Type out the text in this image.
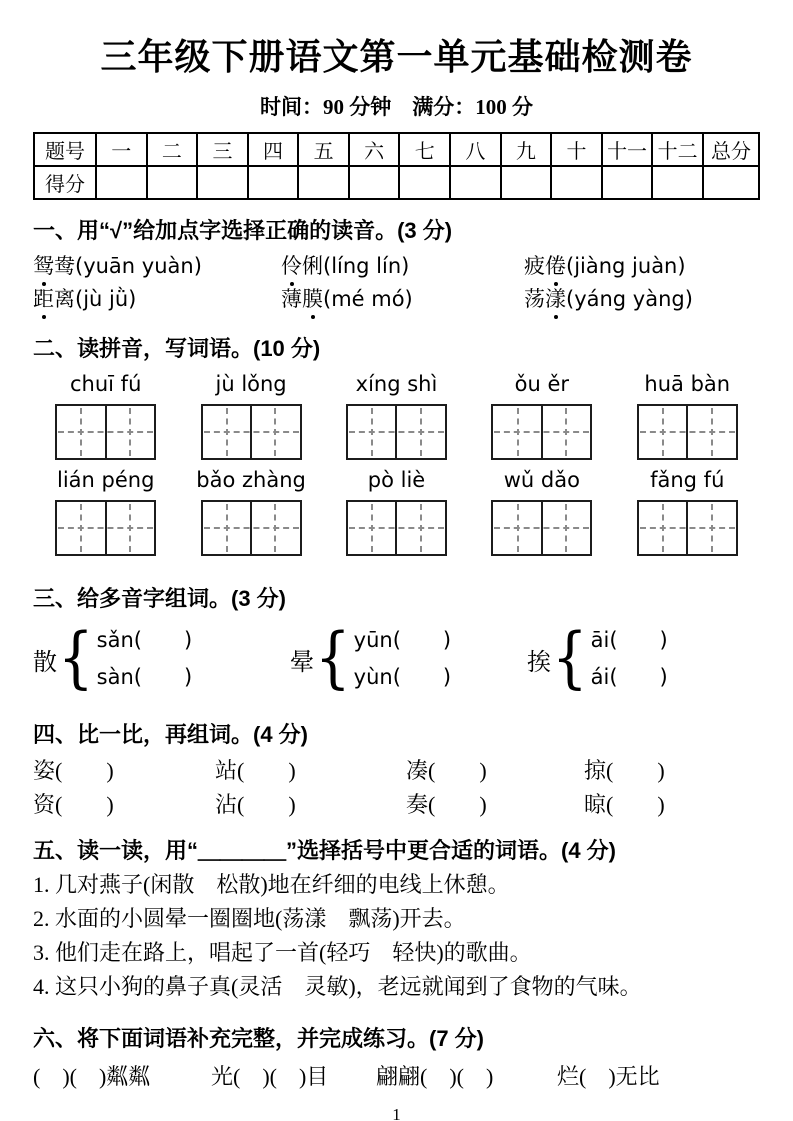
三年级下册语文第一单元基础检测卷
时间：90 分钟　满分：100 分
题号	一	二	三	四	五	六	七	八	九	十	十一	十二	总分
得分													
一、用“√”给加点字选择正确的读音。(3 分)
鸳鸯(yuān yuàn)	伶俐(líng lín)	疲倦(jiàng juàn)
距离(jù jǜ)	薄膜(mé mó)	荡漾(yáng yàng)
二、读拼音，写词语。(10 分)
chuī fú	jù lǒng	xíng shì	ǒu ěr	huā bàn
lián péng	bǎo zhàng	pò liè	wǔ dǎo	fǎng fú
三、给多音字组词。(3 分)
散 { sǎn(　　)
sàn(　　)
晕 { yūn(　　)
yùn(　　)
挨 { āi(　　)
ái(　　)
四、比一比，再组词。(4 分)
姿(　　)	站(　　)	凑(　　)	掠(　　)
资(　　)	沾(　　)	奏(　　)	晾(　　)
五、读一读，用“＿＿＿＿”选择括号中更合适的词语。(4 分)
1. 几对燕子(闲散　松散)地在纤细的电线上休憩。
2. 水面的小圆晕一圈圈地(荡漾　飘荡)开去。
3. 他们走在路上，唱起了一首(轻巧　轻快)的歌曲。
4. 这只小狗的鼻子真(灵活　灵敏)，老远就闻到了食物的气味。
六、将下面词语补充完整，并完成练习。(7 分)
(　)(　)粼粼	光(　)(　)目	翩翩(　)(　)	烂(　)无比
1
